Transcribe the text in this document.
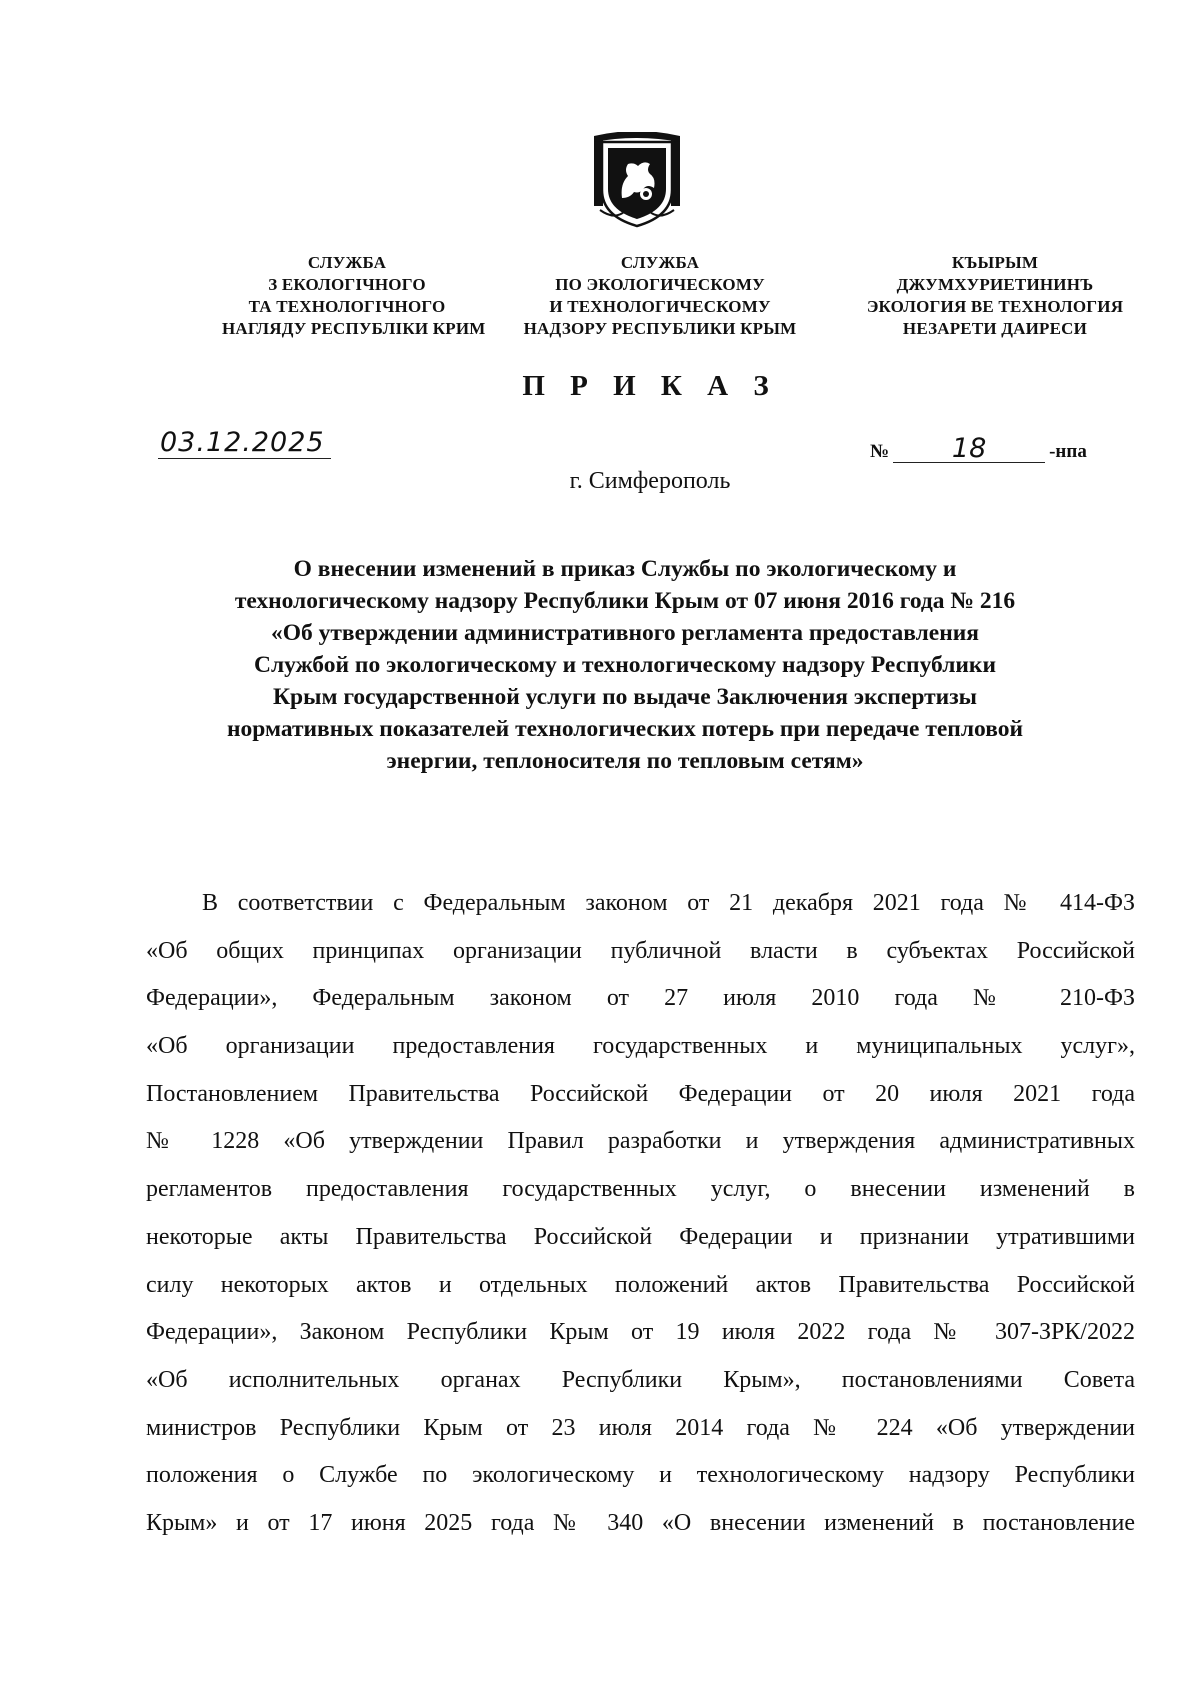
СЛУЖБА
З ЕКОЛОГІЧНОГО
ТА ТЕХНОЛОГІЧНОГО
НАГЛЯДУ РЕСПУБЛІКИ КРИМ
СЛУЖБА
ПО ЭКОЛОГИЧЕСКОМУ
И ТЕХНОЛОГИЧЕСКОМУ
НАДЗОРУ РЕСПУБЛИКИ КРЫМ
КЪЫРЫМ
ДЖУМХУРИЕТИНИНЪ
ЭКОЛОГИЯ ВЕ ТЕХНОЛОГИЯ
НЕЗАРЕТИ ДАИРЕСИ
П Р И К А З
03.12.2025	№	18	-нпа
г. Симферополь
О внесении изменений в приказ Службы по экологическому и
технологическому надзору Республики Крым от 07 июня 2016 года № 216
«Об утверждении административного регламента предоставления
Службой по экологическому и технологическому надзору Республики
Крым государственной услуги по выдаче Заключения экспертизы
нормативных показателей технологических потерь при передаче тепловой
энергии, теплоносителя по тепловым сетям»
В соответствии с Федеральным законом от 21 декабря 2021 года № 414-ФЗ
«Об общих принципах организации публичной власти в субъектах Российской
Федерации», Федеральным законом от 27 июля 2010 года № 210-ФЗ
«Об организации предоставления государственных и муниципальных услуг»,
Постановлением Правительства Российской Федерации от 20 июля 2021 года
№ 1228 «Об утверждении Правил разработки и утверждения административных
регламентов предоставления государственных услуг, о внесении изменений в
некоторые акты Правительства Российской Федерации и признании утратившими
силу некоторых актов и отдельных положений актов Правительства Российской
Федерации», Законом Республики Крым от 19 июля 2022 года № 307-ЗРК/2022
«Об исполнительных органах Республики Крым», постановлениями Совета
министров Республики Крым от 23 июля 2014 года № 224 «Об утверждении
положения о Службе по экологическому и технологическому надзору Республики
Крым» и от 17 июня 2025 года № 340 «О внесении изменений в постановление
